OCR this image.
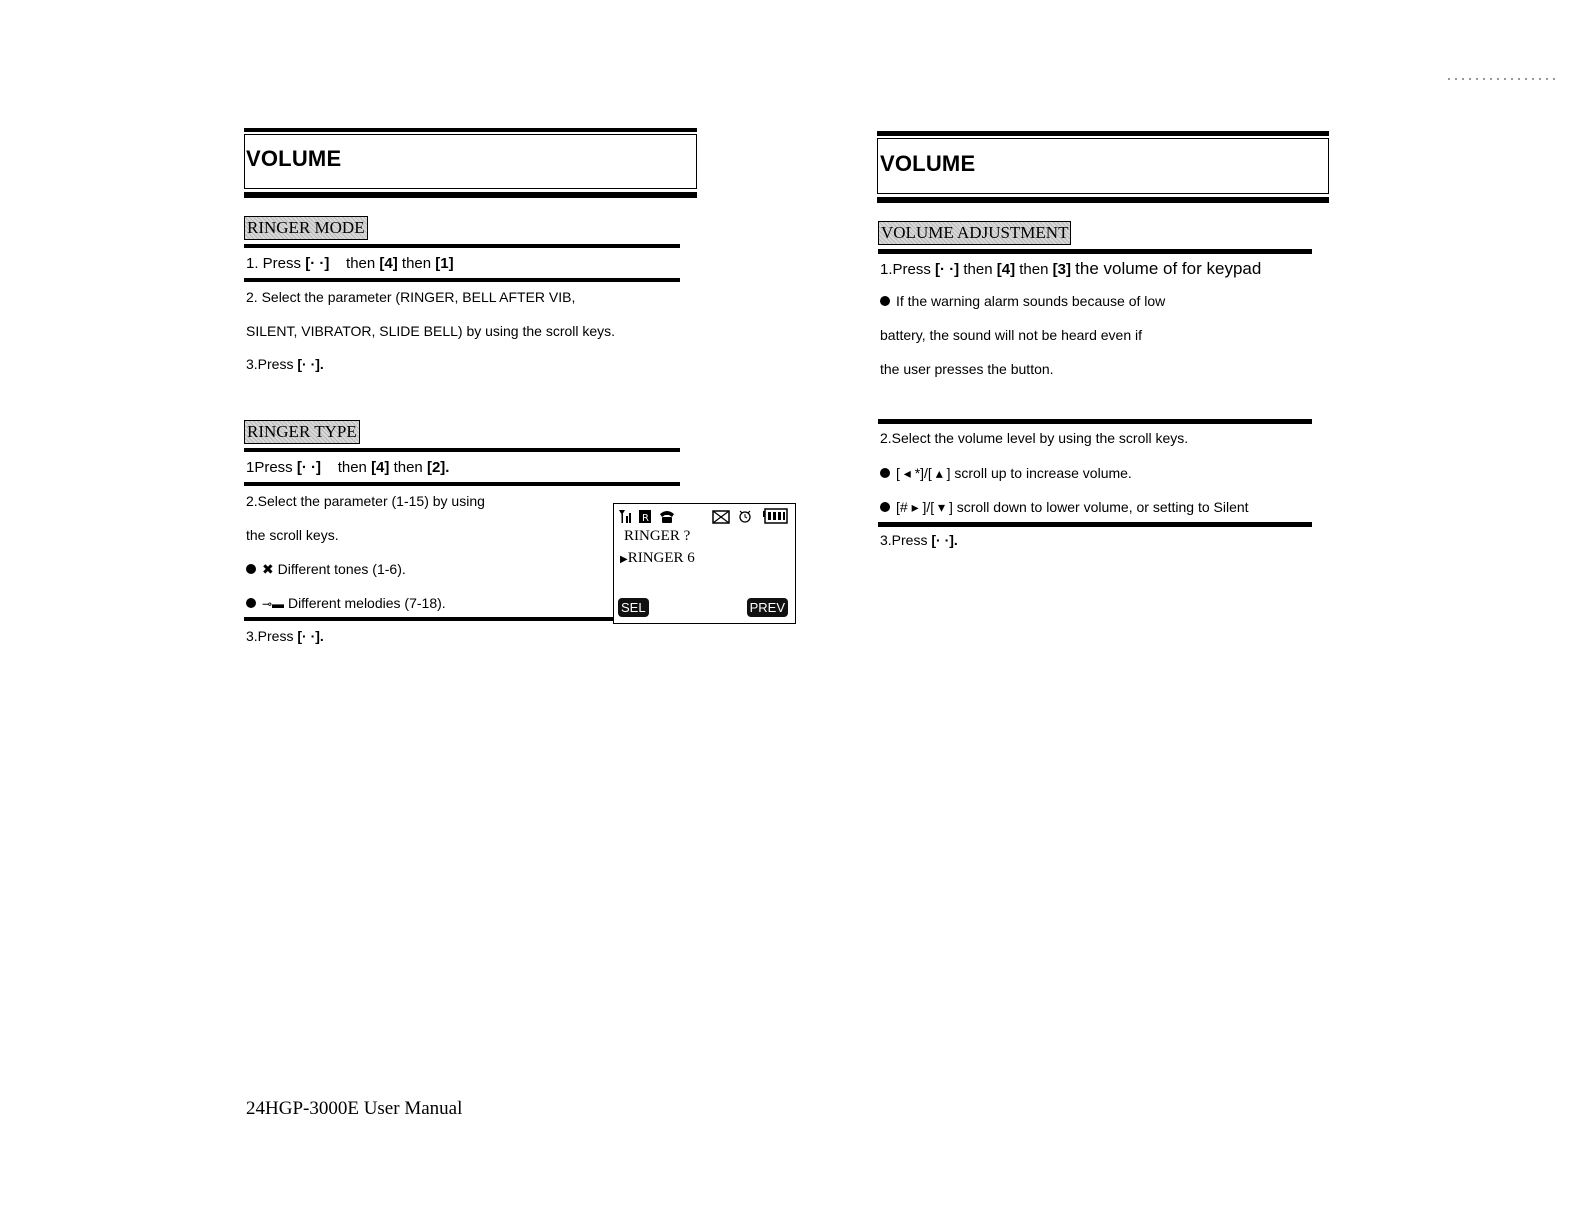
VOLUME
RINGER MODE
1. Press [· ·] then [4] then [1]
2. Select the parameter (RINGER, BELL AFTER VIB,
SILENT, VIBRATOR, SLIDE BELL) by using the scroll keys.
3.Press [· ·].
RINGER TYPE
1Press [· ·] then [4] then [2].
2.Select the parameter (1-15) by using
the scroll keys.
✖ Different tones (1-6).
⊸▬ Different melodies (7-18).
3.Press [· ·].
R
RINGER ?
▶RINGER 6
SEL	PREV
VOLUME
VOLUME ADJUSTMENT
1.Press [· ·] then [4] then [3] the volume of for keypad
If the warning alarm sounds because of low
battery, the sound will not be heard even if
the user presses the button.
2.Select the volume level by using the scroll keys.
[ ◂ *]/[ ▴ ] scroll up to increase volume.
[# ▸ ]/[ ▾ ] scroll down to lower volume, or setting to Silent
3.Press [· ·].
24HGP-3000E User Manual
